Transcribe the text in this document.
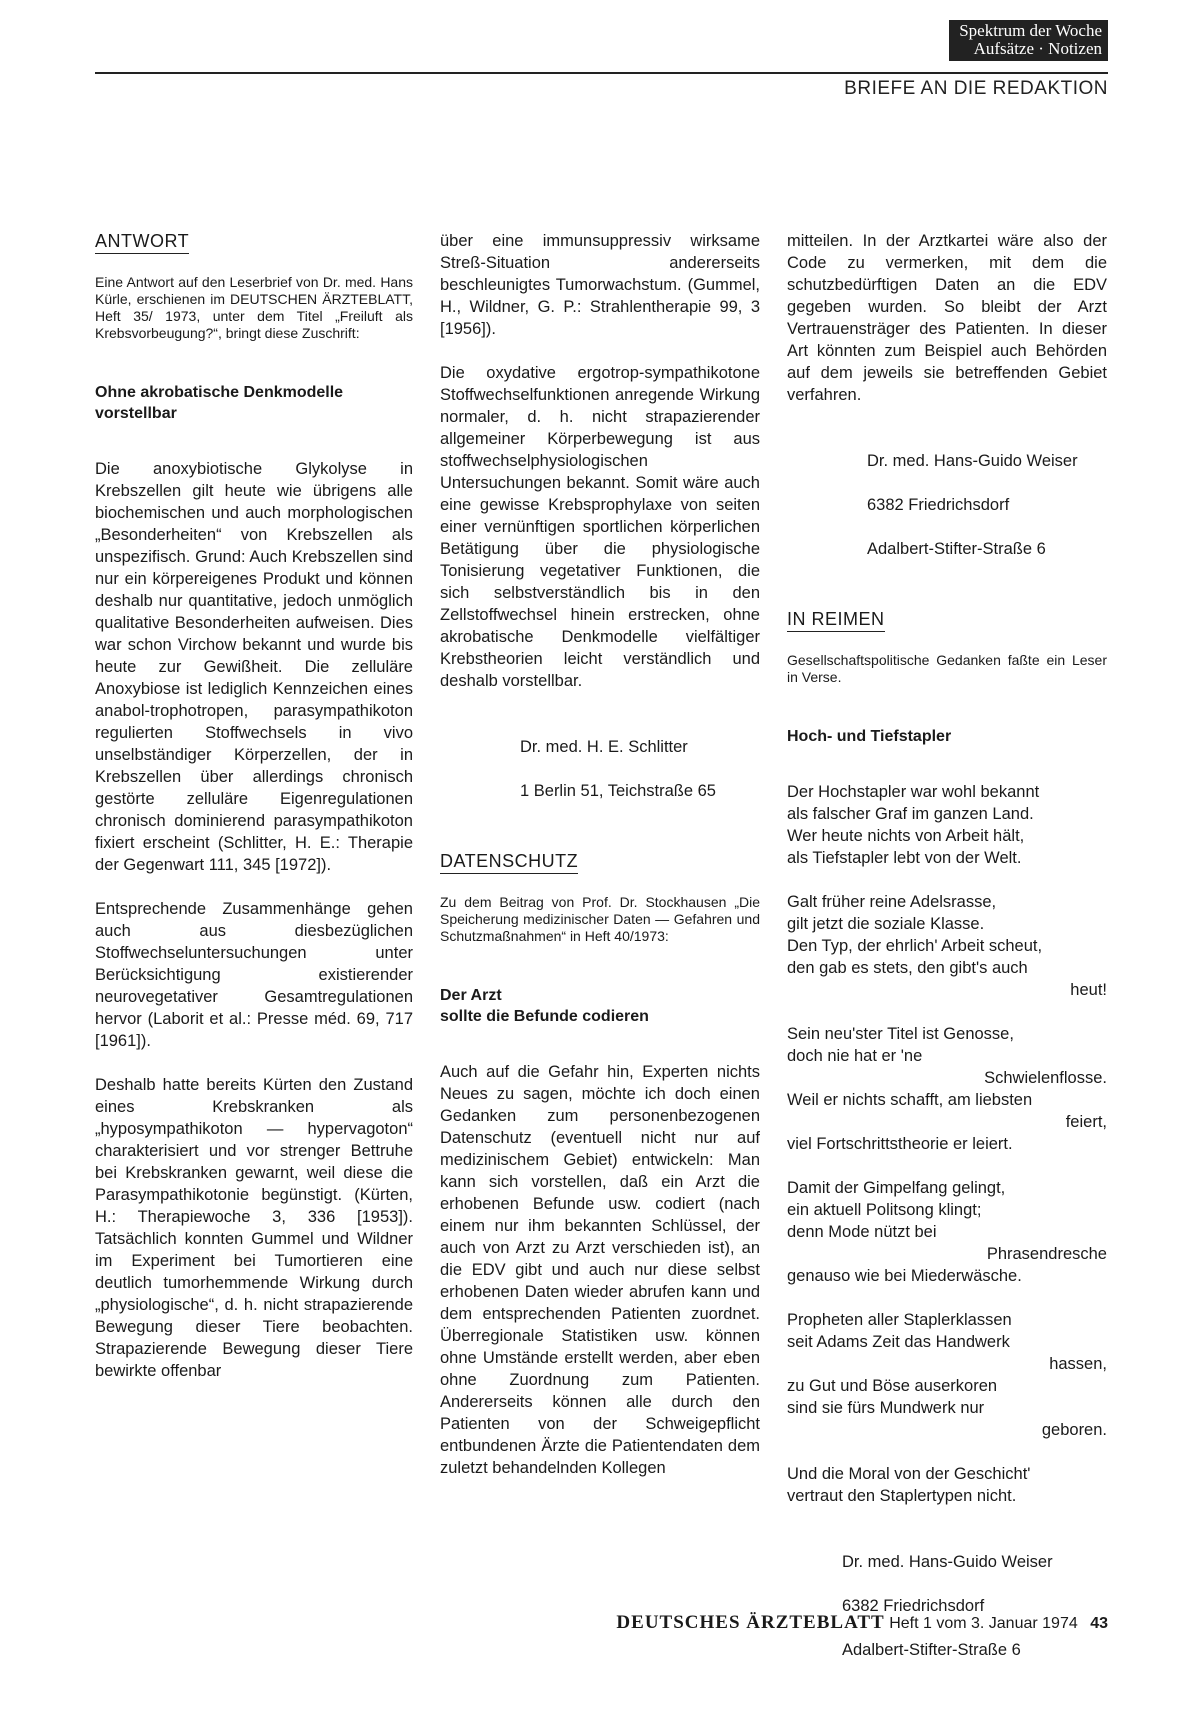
Spektrum der Woche
Aufsätze · Notizen
BRIEFE AN DIE REDAKTION
ANTWORT
Eine Antwort auf den Leserbrief von Dr. med. Hans Kürle, erschienen im DEUTSCHEN ÄRZTEBLATT, Heft 35/ 1973, unter dem Titel „Freiluft als Krebsvorbeugung?“, bringt diese Zuschrift:
Ohne akrobatische Denkmodelle vorstellbar

Die anoxybiotische Glykolyse in Krebszellen gilt heute wie übrigens alle biochemischen und auch morphologischen „Besonderheiten“ von Krebszellen als unspezifisch. Grund: Auch Krebszellen sind nur ein körpereigenes Produkt und können deshalb nur quantitative, jedoch unmöglich qualitative Besonderheiten aufweisen. Dies war schon Virchow bekannt und wurde bis heute zur Gewißheit. Die zelluläre Anoxybiose ist lediglich Kennzeichen eines anabol-trophotropen, parasympathikoton regulierten Stoffwechsels in vivo unselbständiger Körperzellen, der in Krebszellen über allerdings chronisch gestörte zelluläre Eigenregulationen chronisch dominierend parasympathikoton fixiert erscheint (Schlitter, H. E.: Therapie der Gegenwart 111, 345 [1972]).

Entsprechende Zusammenhänge gehen auch aus diesbezüglichen Stoffwechseluntersuchungen unter Berücksichtigung existierender neurovegetativer Gesamtregulationen hervor (Laborit et al.: Presse méd. 69, 717 [1961]).

Deshalb hatte bereits Kürten den Zustand eines Krebskranken als „hyposympathikoton — hypervagoton“ charakterisiert und vor strenger Bettruhe bei Krebskranken gewarnt, weil diese die Parasympathikotonie begünstigt. (Kürten, H.: Therapiewoche 3, 336 [1953]). Tatsächlich konnten Gummel und Wildner im Experiment bei Tumortieren eine deutlich tumorhemmende Wirkung durch „physiologische“, d. h. nicht strapazierende Bewegung dieser Tiere beobachten. Strapazierende Bewegung dieser Tiere bewirkte offenbar

über eine immunsuppressiv wirksame Streß-Situation andererseits beschleunigtes Tumorwachstum. (Gummel, H., Wildner, G. P.: Strahlentherapie 99, 3 [1956]).

Die oxydative ergotrop-sympathikotone Stoffwechselfunktionen anregende Wirkung normaler, d. h. nicht strapazierender allgemeiner Körperbewegung ist aus stoffwechselphysiologischen Untersuchungen bekannt. Somit wäre auch eine gewisse Krebsprophylaxe von seiten einer vernünftigen sportlichen körperlichen Betätigung über die physiologische Tonisierung vegetativer Funktionen, die sich selbstverständlich bis in den Zellstoffwechsel hinein erstrecken, ohne akrobatische Denkmodelle vielfältiger Krebstheorien leicht verständlich und deshalb vorstellbar.

Dr. med. H. E. Schlitter

1 Berlin 51, Teichstraße 65

DATENSCHUTZ
Zu dem Beitrag von Prof. Dr. Stockhausen „Die Speicherung medizinischer Daten — Gefahren und Schutzmaßnahmen“ in Heft 40/1973:
Der Arzt
sollte die Befunde codieren

Auch auf die Gefahr hin, Experten nichts Neues zu sagen, möchte ich doch einen Gedanken zum personenbezogenen Datenschutz (eventuell nicht nur auf medizinischem Gebiet) entwickeln: Man kann sich vorstellen, daß ein Arzt die erhobenen Befunde usw. codiert (nach einem nur ihm bekannten Schlüssel, der auch von Arzt zu Arzt verschieden ist), an die EDV gibt und auch nur diese selbst erhobenen Daten wieder abrufen kann und dem entsprechenden Patienten zuordnet. Überregionale Statistiken usw. können ohne Umstände erstellt werden, aber eben ohne Zuordnung zum Patienten. Andererseits können alle durch den Patienten von der Schweigepflicht entbundenen Ärzte die Patientendaten dem zuletzt behandelnden Kollegen

mitteilen. In der Arztkartei wäre also der Code zu vermerken, mit dem die schutzbedürftigen Daten an die EDV gegeben wurden. So bleibt der Arzt Vertrauensträger des Patienten. In dieser Art könnten zum Beispiel auch Behörden auf dem jeweils sie betreffenden Gebiet verfahren.

Dr. med. Hans-Guido Weiser

6382 Friedrichsdorf

Adalbert-Stifter-Straße 6

IN REIMEN
Gesellschaftspolitische Gedanken faßte ein Leser in Verse.
Hoch- und Tiefstapler
Der Hochstapler war wohl bekannt
als falscher Graf im ganzen Land.
Wer heute nichts von Arbeit hält,
als Tiefstapler lebt von der Welt.
Galt früher reine Adelsrasse,
gilt jetzt die soziale Klasse.
Den Typ, der ehrlich' Arbeit scheut,
den gab es stets, den gibt's auch
heut!
Sein neu'ster Titel ist Genosse,
doch nie hat er 'ne
Schwielenflosse.
Weil er nichts schafft, am liebsten
feiert,
viel Fortschrittstheorie er leiert.
Damit der Gimpelfang gelingt,
ein aktuell Politsong klingt;
denn Mode nützt bei
Phrasendresche
genauso wie bei Miederwäsche.
Propheten aller Staplerklassen
seit Adams Zeit das Handwerk
hassen,
zu Gut und Böse auserkoren
sind sie fürs Mundwerk nur
geboren.
Und die Moral von der Geschicht'
vertraut den Staplertypen nicht.

Dr. med. Hans-Guido Weiser

6382 Friedrichsdorf

Adalbert-Stifter-Straße 6

DEUTSCHES ÄRZTEBLATT Heft 1 vom 3. Januar 1974 43
